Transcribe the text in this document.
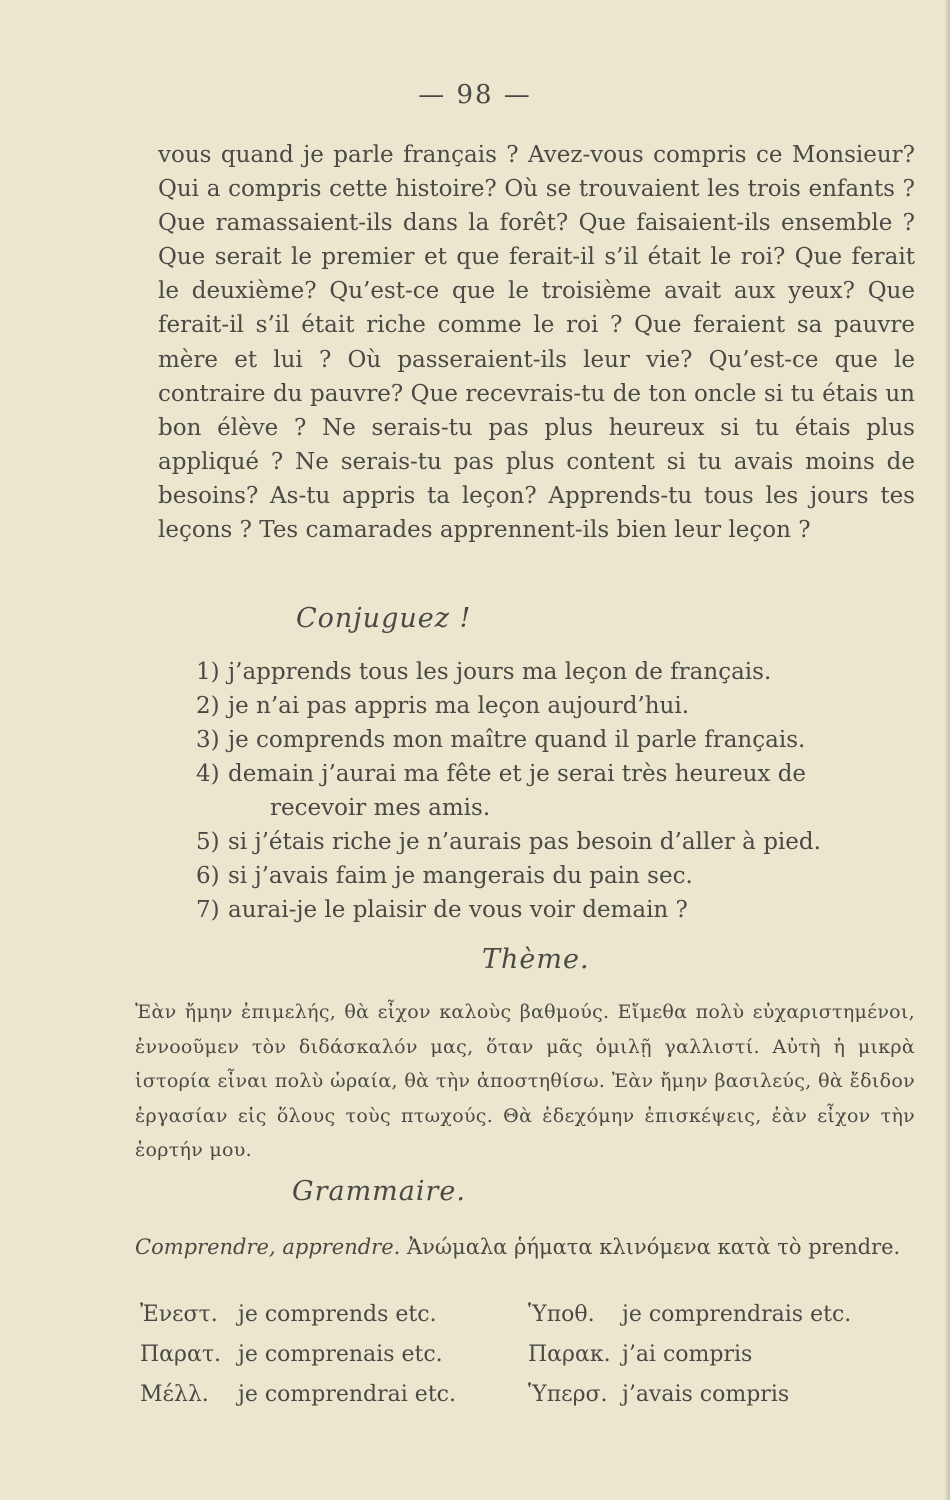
— 98 —
vous quand je parle français ? Avez-vous compris ce Monsieur? Qui a compris cette histoire? Où se trouvaient les trois enfants ? Que ramassaient-ils dans la forêt? Que faisaient-ils ensemble ? Que serait le premier et que ferait-il s’il était le roi? Que ferait le deuxième? Qu’est-ce que le troisième avait aux yeux? Que ferait-il s’il était riche comme le roi ? Que feraient sa pauvre mère et lui ? Où passeraient-ils leur vie? Qu’est-ce que le contraire du pauvre? Que recevrais-tu de ton oncle si tu étais un bon élève ? Ne serais-tu pas plus heureux si tu étais plus appliqué ? Ne serais-tu pas plus content si tu avais moins de besoins? As-tu appris ta leçon? Apprends-tu tous les jours tes leçons ? Tes camarades apprennent-ils bien leur leçon ?
Conjuguez !
1) j’apprends tous les jours ma leçon de français.
2) je n’ai pas appris ma leçon aujourd’hui.
3) je comprends mon maître quand il parle français.
4) demain j’aurai ma fête et je serai très heureux de
recevoir mes amis.
5) si j’étais riche je n’aurais pas besoin d’aller à pied.
6) si j’avais faim je mangerais du pain sec.
7) aurai-je le plaisir de vous voir demain ?
Thème.
Ἐὰν ἤμην ἐπιμελής, θὰ εἶχον καλοὺς βαθμούς. Εἴμεθα πολὺ εὐχαριστημένοι, ἐννοοῦμεν τὸν διδάσκαλόν μας, ὅταν μᾶς ὁμιλῇ γαλλιστί. Αὐτὴ ἡ μικρὰ ἱστορία εἶναι πολὺ ὡραία, θὰ τὴν ἀποστηθίσω. Ἐὰν ἤμην βασιλεύς, θὰ ἔδιδον ἐργασίαν εἰς ὅλους τοὺς πτωχούς. Θὰ ἐδεχόμην ἐπισκέψεις, ἐὰν εἶχον τὴν ἑορτήν μου.
Grammaire.
Comprendre, apprendre. Ἀνώμαλα ῥήματα κλινόμενα κατὰ τὸ prendre.
Ἐνεστ. je comprends etc.	Ὑποθ. je comprendrais etc.
Παρατ. je comprenais etc.	Παρακ. j’ai compris
Μέλλ. je comprendrai etc.	Ὑπερσ. j’avais compris
